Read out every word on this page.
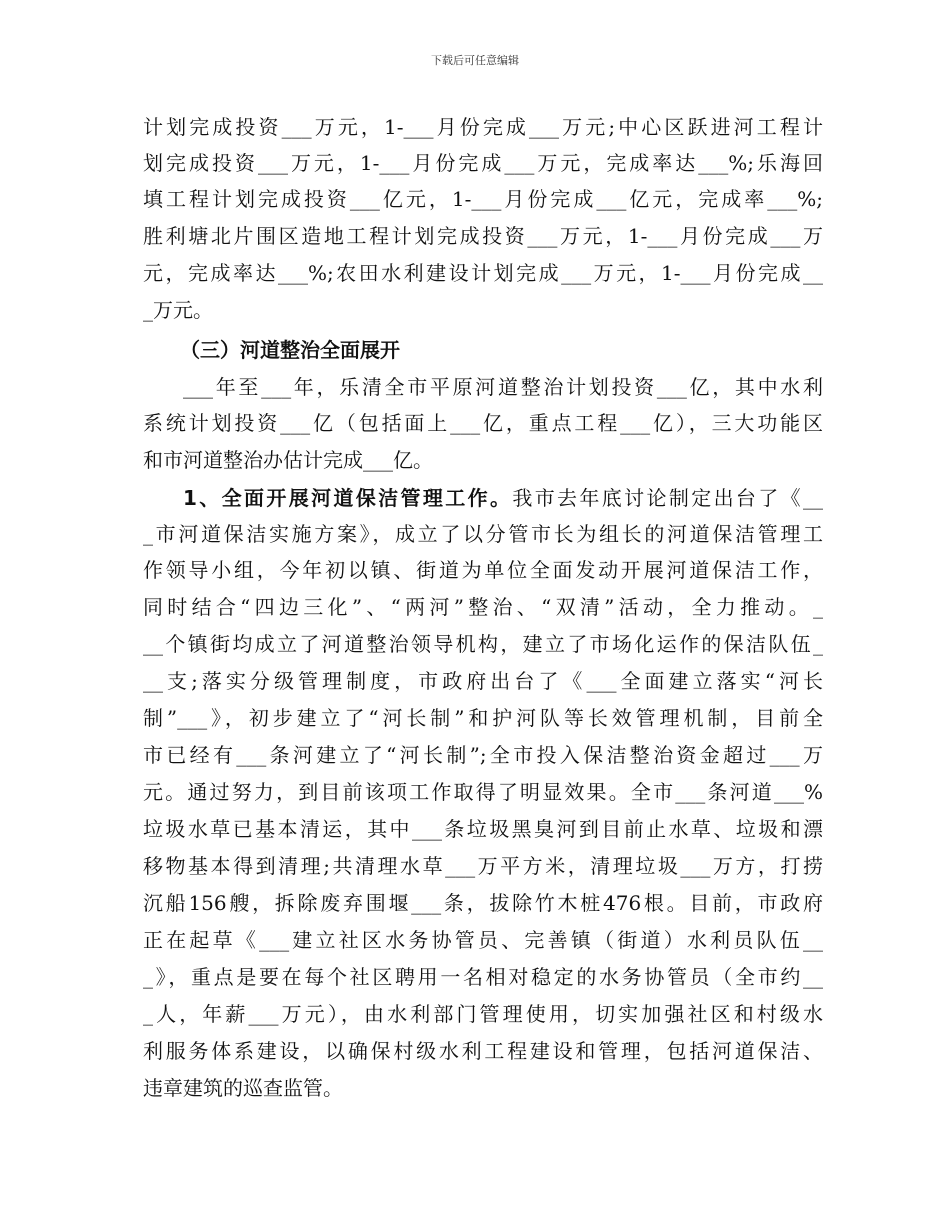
下载后可任意编辑
计划完成投资___万元，1-___月份完成___万元;中心区跃进河工程计
划完成投资___万元，1-___月份完成___万元，完成率达___%;乐海回
填工程计划完成投资___亿元，1-___月份完成___亿元，完成率___%;
胜利塘北片围区造地工程计划完成投资___万元，1-___月份完成___万
元，完成率达___%;农田水利建设计划完成___万元，1-___月份完成__
_万元。
（三）河道整治全面展开
___年至___年，乐清全市平原河道整治计划投资___亿，其中水利
系统计划投资___亿（包括面上___亿，重点工程___亿），三大功能区
和市河道整治办估计完成___亿。
1、全面开展河道保洁管理工作。我市去年底讨论制定出台了《__
_市河道保洁实施方案》，成立了以分管市长为组长的河道保洁管理工
作领导小组，今年初以镇、街道为单位全面发动开展河道保洁工作，
同时结合“四边三化”、“两河”整治、“双清”活动，全力推动。_
__个镇街均成立了河道整治领导机构，建立了市场化运作的保洁队伍_
__支;落实分级管理制度，市政府出台了《___全面建立落实“河长
制”___》，初步建立了“河长制”和护河队等长效管理机制，目前全
市已经有___条河建立了“河长制”;全市投入保洁整治资金超过___万
元。通过努力，到目前该项工作取得了明显效果。全市___条河道___%
垃圾水草已基本清运，其中___条垃圾黑臭河到目前止水草、垃圾和漂
移物基本得到清理;共清理水草___万平方米，清理垃圾___万方，打捞
沉船156艘，拆除废弃围堰___条，拔除竹木桩476根。目前，市政府
正在起草《___建立社区水务协管员、完善镇（街道）水利员队伍__
_》，重点是要在每个社区聘用一名相对稳定的水务协管员（全市约__
_人，年薪___万元），由水利部门管理使用，切实加强社区和村级水
利服务体系建设，以确保村级水利工程建设和管理，包括河道保洁、
违章建筑的巡查监管。
